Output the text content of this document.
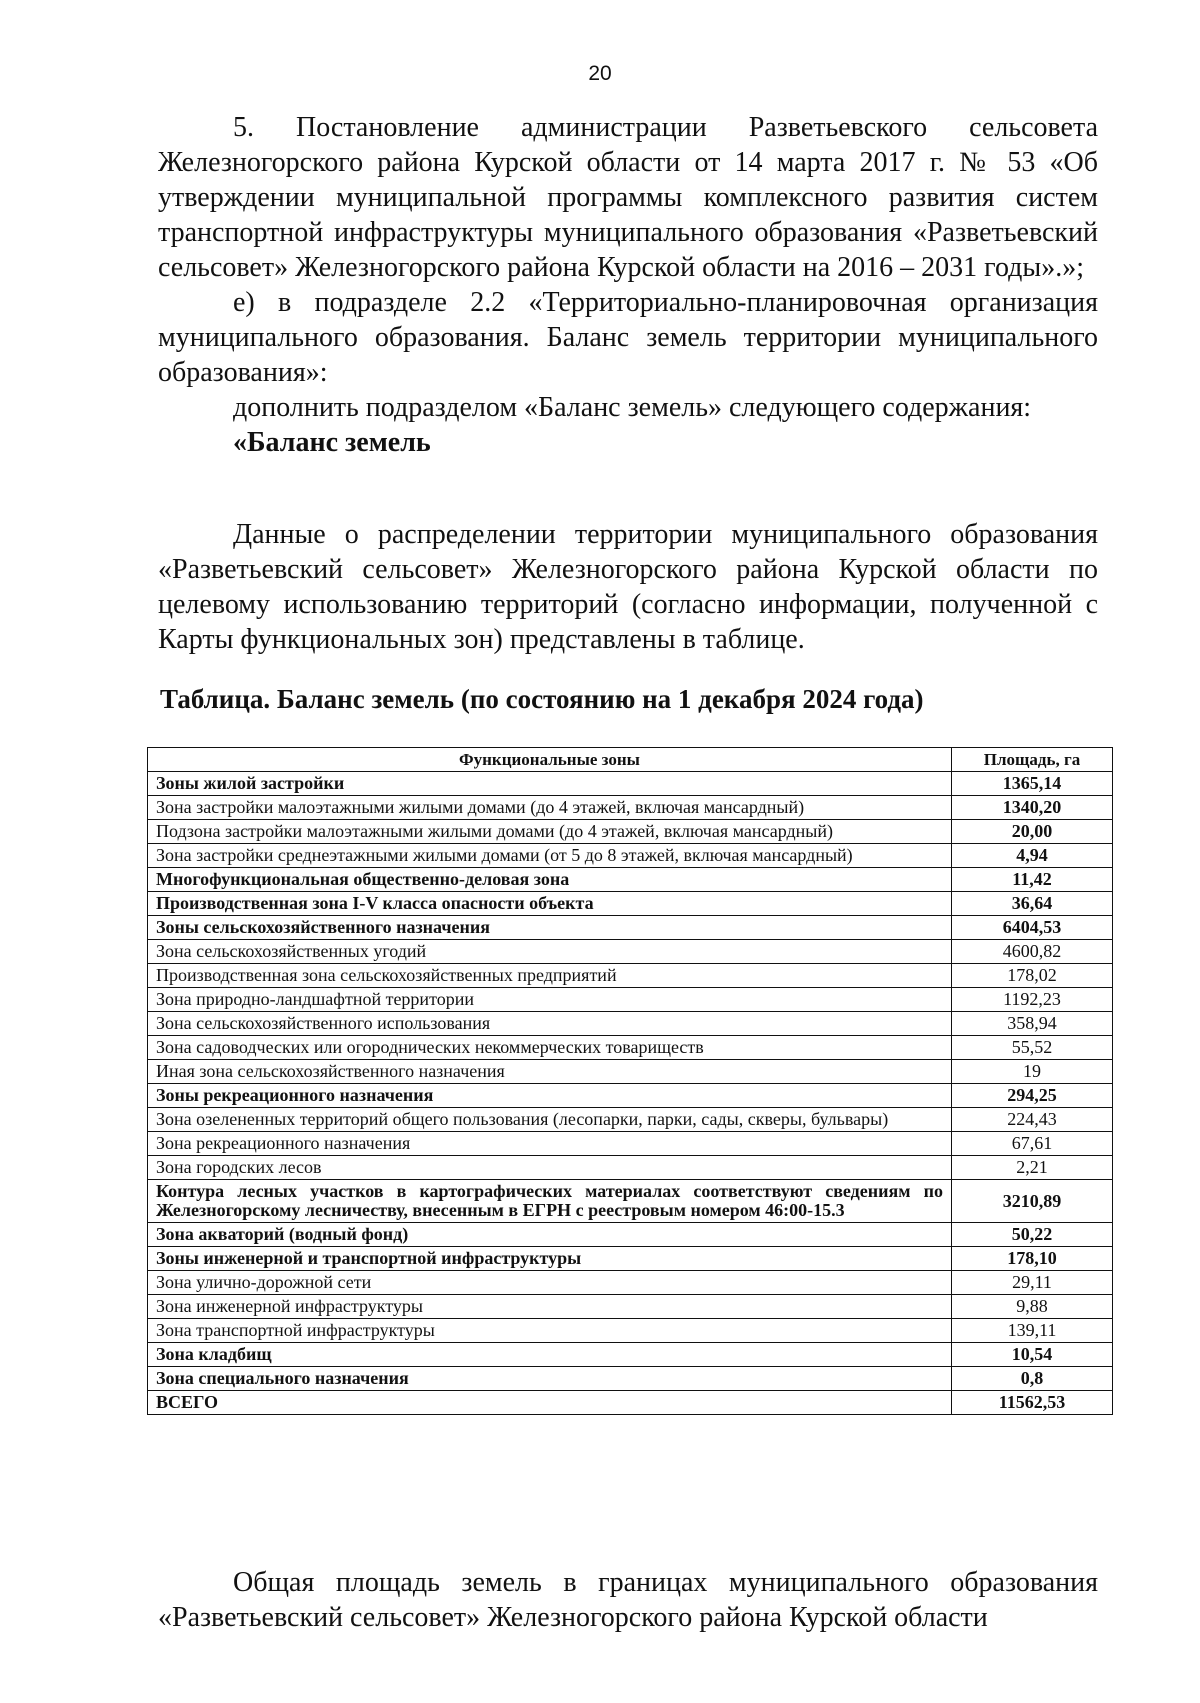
20

5. Постановление администрации Разветьевского сельсовета Железногорского района Курской области от 14 марта 2017 г. № 53 «Об утверждении муниципальной программы комплексного развития систем транспортной инфраструктуры муниципального образования «Разветьевский сельсовет» Железногорского района Курской области на 2016 – 2031 годы».»;

е) в подразделе 2.2 «Территориально-планировочная организация муниципального образования. Баланс земель территории муниципального образования»:

дополнить подразделом «Баланс земель» следующего содержания:

«Баланс земель

Данные о распределении территории муниципального образования «Разветьевский сельсовет» Железногорского района Курской области по целевому использованию территорий (согласно информации, полученной с Карты функциональных зон) представлены в таблице.

Таблица. Баланс земель (по состоянию на 1 декабря 2024 года)
Функциональные зоны	Площадь, га
Зоны жилой застройки	1365,14
Зона застройки малоэтажными жилыми домами (до 4 этажей, включая мансардный)	1340,20
Подзона застройки малоэтажными жилыми домами (до 4 этажей, включая мансардный)	20,00
Зона застройки среднеэтажными жилыми домами (от 5 до 8 этажей, включая мансардный)	4,94
Многофункциональная общественно-деловая зона	11,42
Производственная зона I-V класса опасности объекта	36,64
Зоны сельскохозяйственного назначения	6404,53
Зона сельскохозяйственных угодий	4600,82
Производственная зона сельскохозяйственных предприятий	178,02
Зона природно-ландшафтной территории	1192,23
Зона сельскохозяйственного использования	358,94
Зона садоводческих или огороднических некоммерческих товариществ	55,52
Иная зона сельскохозяйственного назначения	19
Зоны рекреационного назначения	294,25
Зона озелененных территорий общего пользования (лесопарки, парки, сады, скверы, бульвары)	224,43
Зона рекреационного назначения	67,61
Зона городских лесов	2,21
Контура лесных участков в картографических материалах соответствуют сведениям по Железногорскому лесничеству, внесенным в ЕГРН с реестровым номером 46:00-15.3	3210,89
Зона акваторий (водный фонд)	50,22
Зоны инженерной и транспортной инфраструктуры	178,10
Зона улично-дорожной сети	29,11
Зона инженерной инфраструктуры	9,88
Зона транспортной инфраструктуры	139,11
Зона кладбищ	10,54
Зона специального назначения	0,8
ВСЕГО	11562,53

Общая площадь земель в границах муниципального образования «Разветьевский сельсовет» Железногорского района Курской области
